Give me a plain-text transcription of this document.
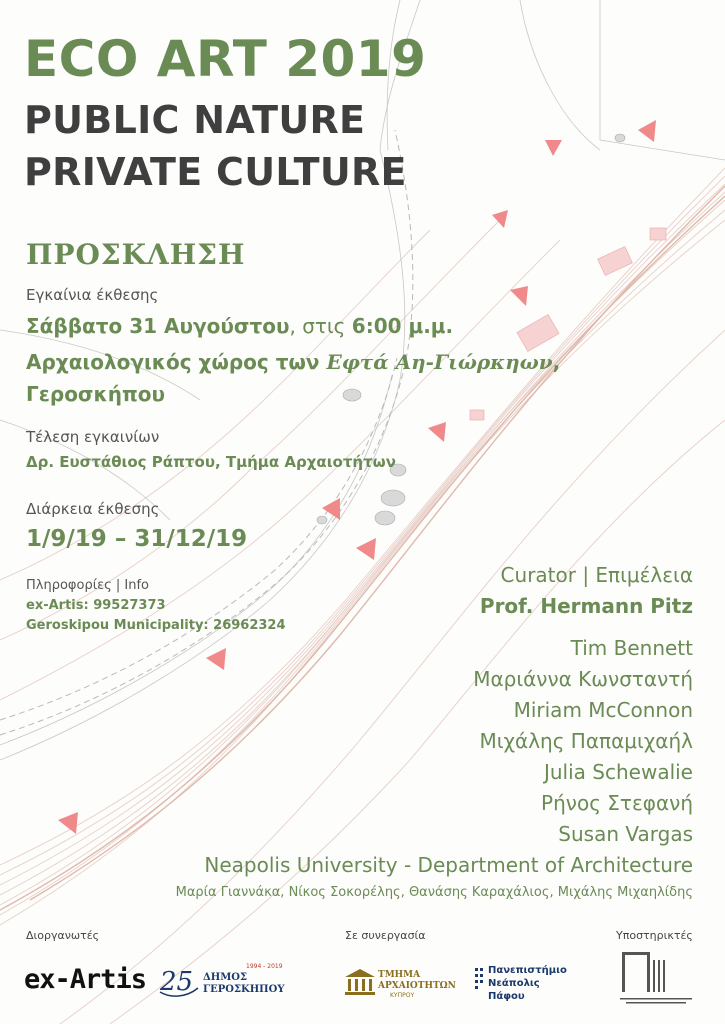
ECO ART 2019
PUBLIC NATURE
PRIVATE CULTURE
ΠΡΟΣΚΛΗΣΗ
Εγκαίνια έκθεσης
Σάββατο 31 Αυγούστου, στις 6:00 μ.μ.
Αρχαιολογικός χώρος των Εφτά Αη-Γιώρκηων,
Γεροσκήπου
Τέλεση εγκαινίων
Δρ. Ευστάθιος Ράπτου, Τμήμα Αρχαιοτήτων
Διάρκεια έκθεσης
1/9/19 – 31/12/19
Πληροφορίες | Info
ex-Artis: 99527373
Geroskipou Municipality: 26962324
Curator | Επιμέλεια
Prof. Hermann Pitz
Tim Bennett
Μαριάννα Κωνσταντή
Miriam McConnon
Μιχάλης Παπαμιχαήλ
Julia Schewalie
Ρήνος Στεφανή
Susan Vargas
Neapolis University - Department of Architecture
Μαρία Γιαννάκα, Νίκος Σοκορέλης, Θανάσης Καραχάλιος, Μιχάλης Μιχαηλίδης
Διοργανωτές	Σε συνεργασία	Υποστηρικτές
ex-Artis 25
1994 - 2019
ΔΗΜΟΣ
ΓΕΡΟΣΚΗΠΟΥ
ΤΜΗΜΑ
ΑΡΧΑΙΟΤΗΤΩΝ
ΚΥΠΡΟΥ
Πανεπιστήμιο
Νεάπολις
Πάφου
